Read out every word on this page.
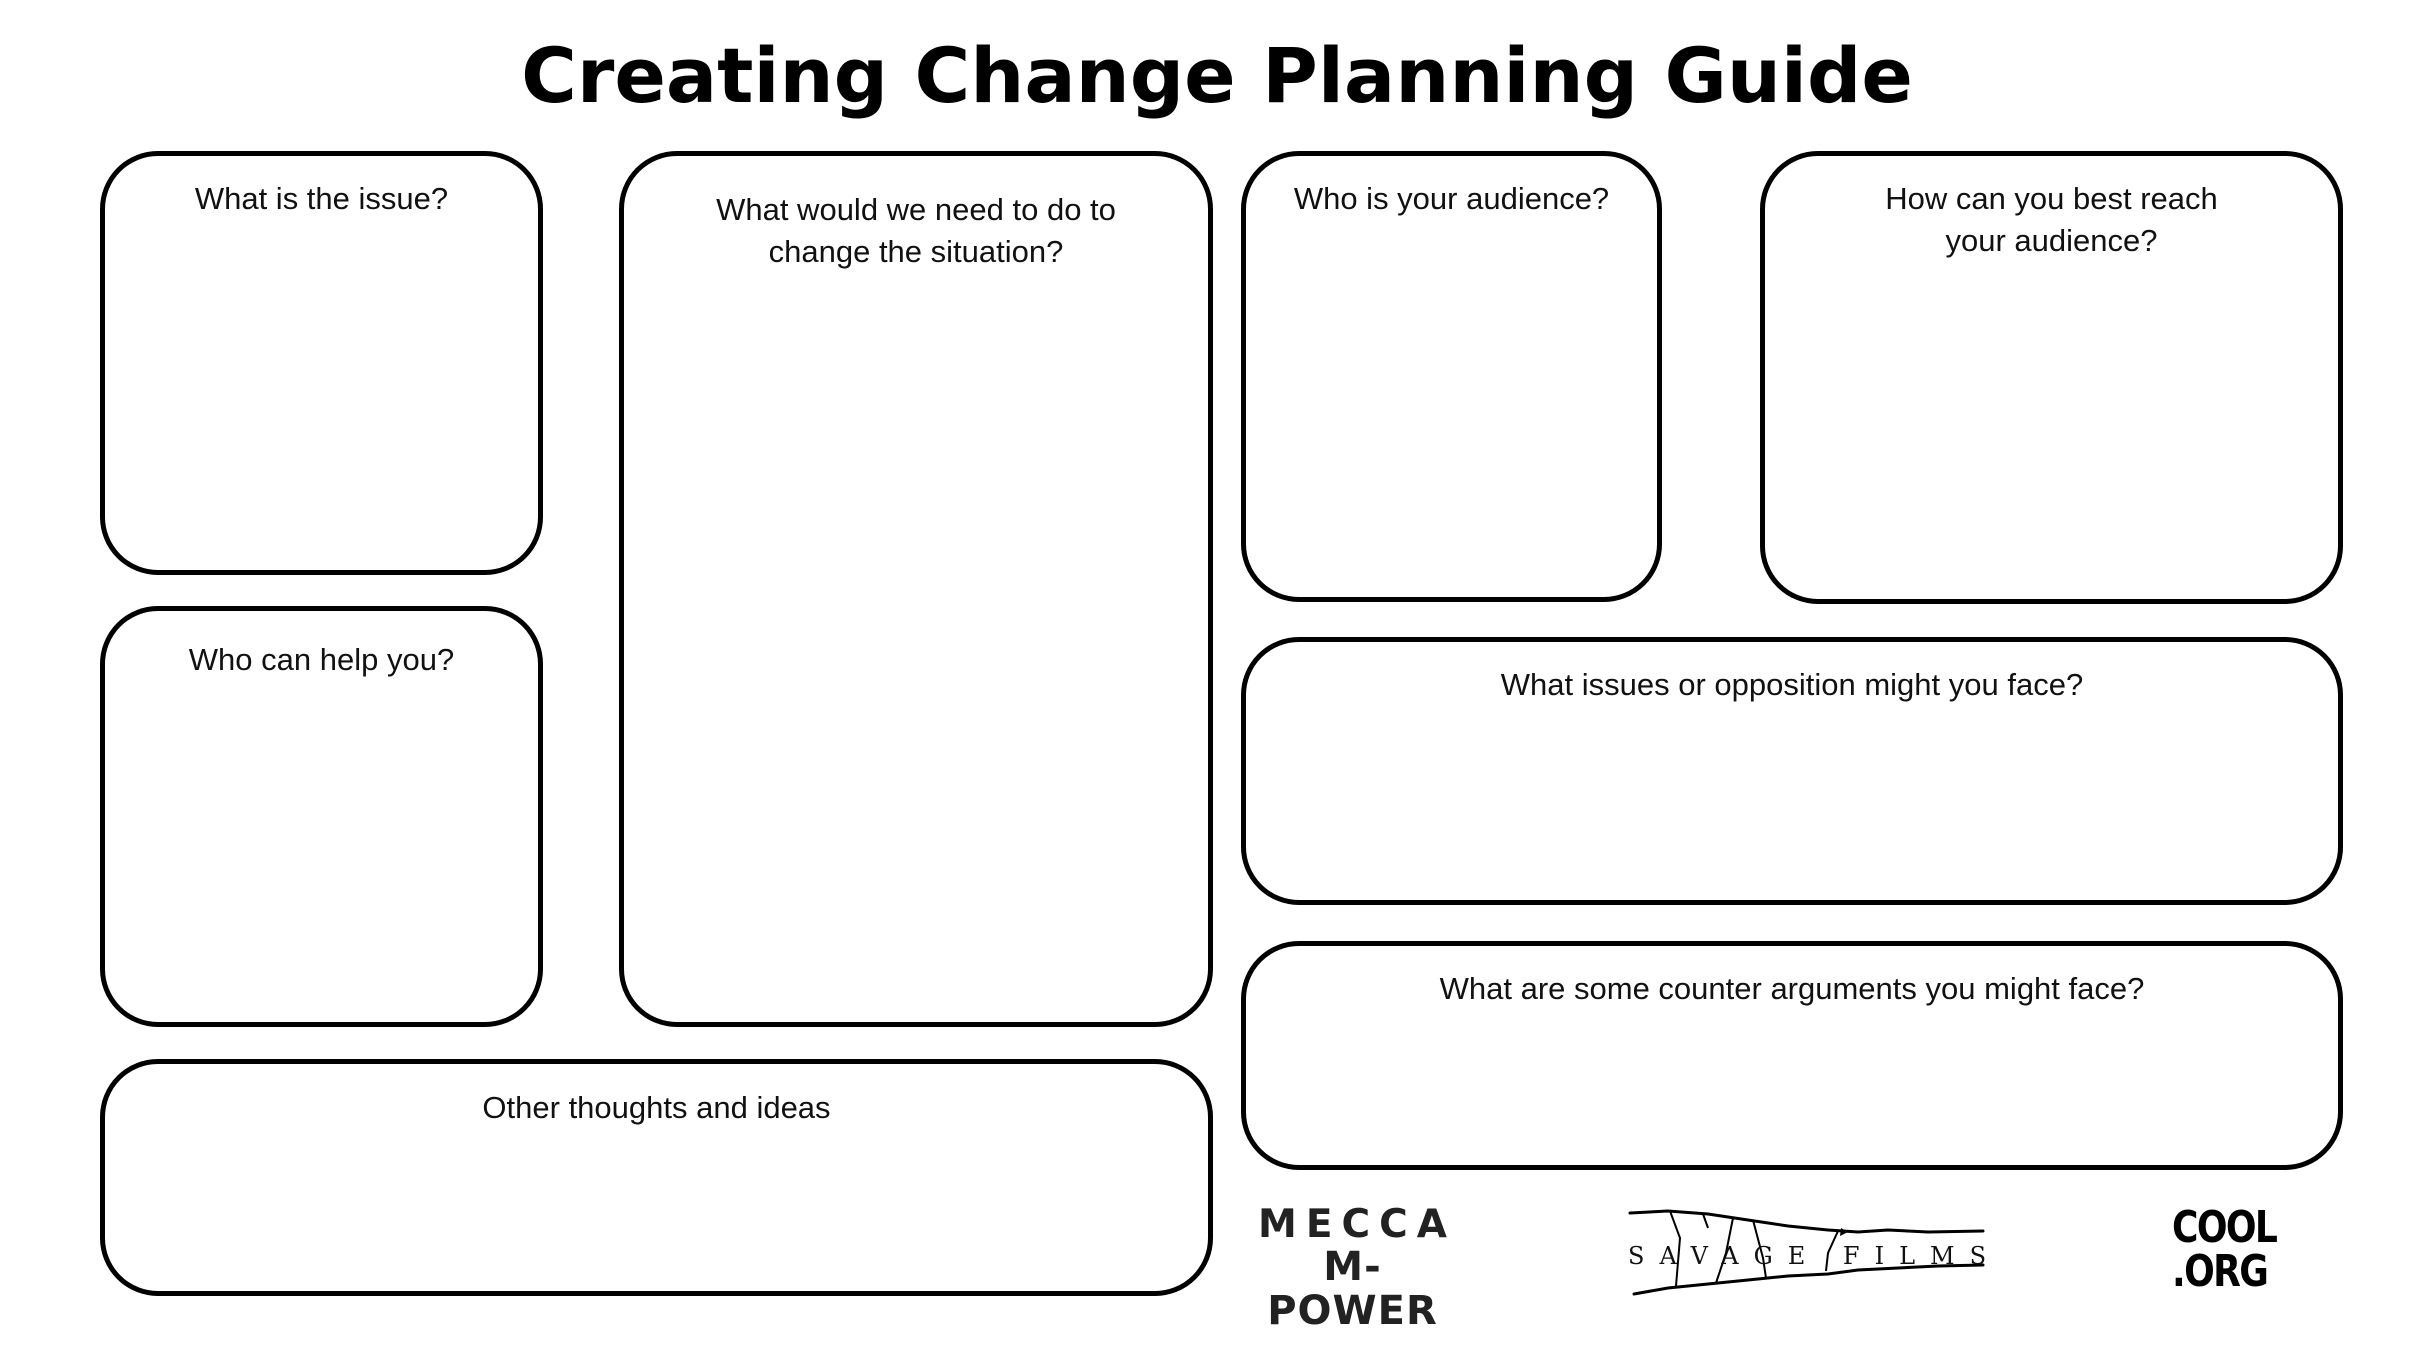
Creating Change Planning Guide
What is the issue?
Who can help you?
What would we need to do to change the situation?
Other thoughts and ideas
Who is your audience?	How can you best reach your audience?
What issues or opposition might you face?
What are some counter arguments you might face?
MECCA
M-POWER
SAVAGE FILMS
COOL
.ORG
